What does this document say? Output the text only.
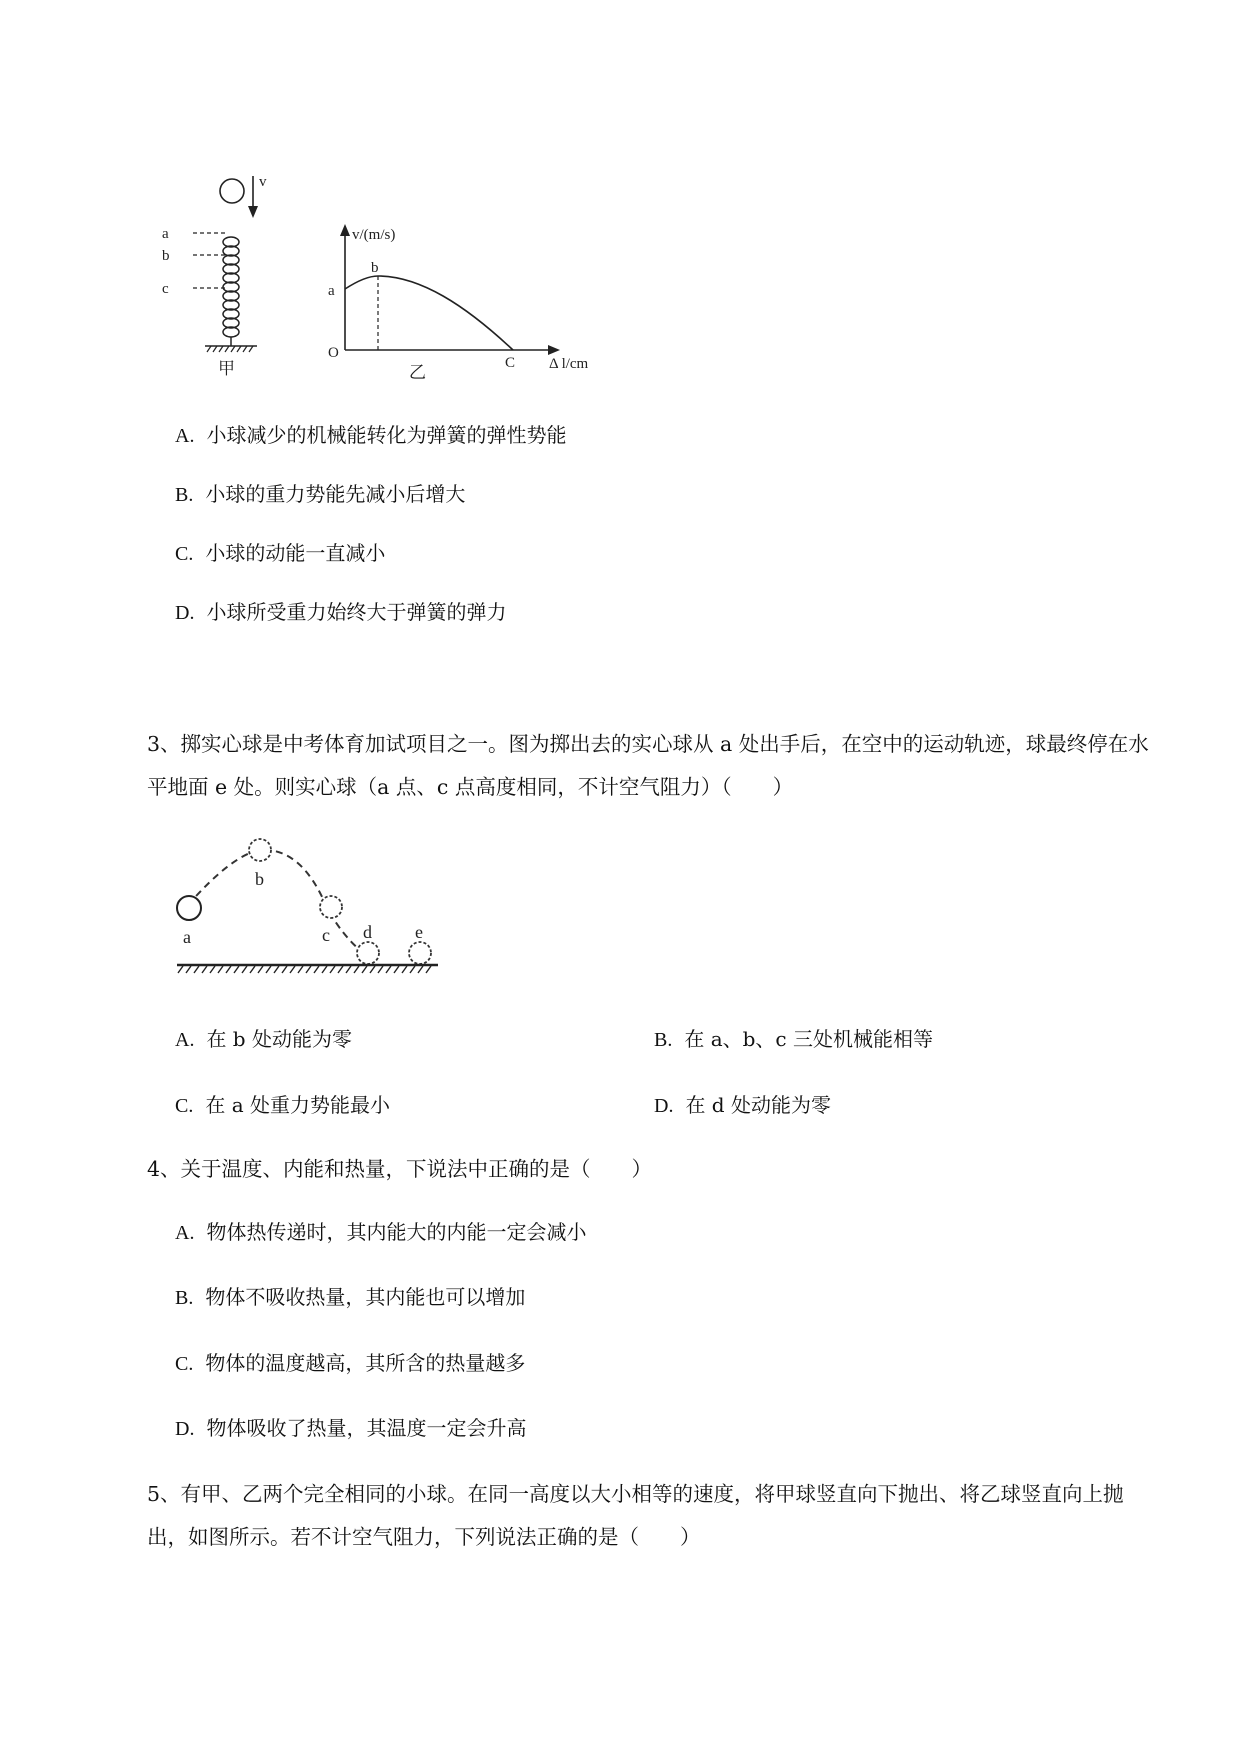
v
a
b
c
甲
v/(m/s)
Δ l/cm
O
a
b
C
乙
A. 小球减少的机械能转化为弹簧的弹性势能
B. 小球的重力势能先减小后增大
C. 小球的动能一直减小
D. 小球所受重力始终大于弹簧的弹力
3、掷实心球是中考体育加试项目之一。图为掷出去的实心球从 a 处出手后，在空中的运动轨迹，球最终停在水平地面 e 处。则实心球（a 点、c 点高度相同，不计空气阻力）（　　）
a
b
c d e
A. 在 b 处动能为零	B. 在 a、b、c 三处机械能相等
C. 在 a 处重力势能最小	D. 在 d 处动能为零
4、关于温度、内能和热量，下说法中正确的是（　　）
A. 物体热传递时，其内能大的内能一定会减小
B. 物体不吸收热量，其内能也可以增加
C. 物体的温度越高，其所含的热量越多
D. 物体吸收了热量，其温度一定会升高
5、有甲、乙两个完全相同的小球。在同一高度以大小相等的速度，将甲球竖直向下抛出、将乙球竖直向上抛出，如图所示。若不计空气阻力，下列说法正确的是（　　）
